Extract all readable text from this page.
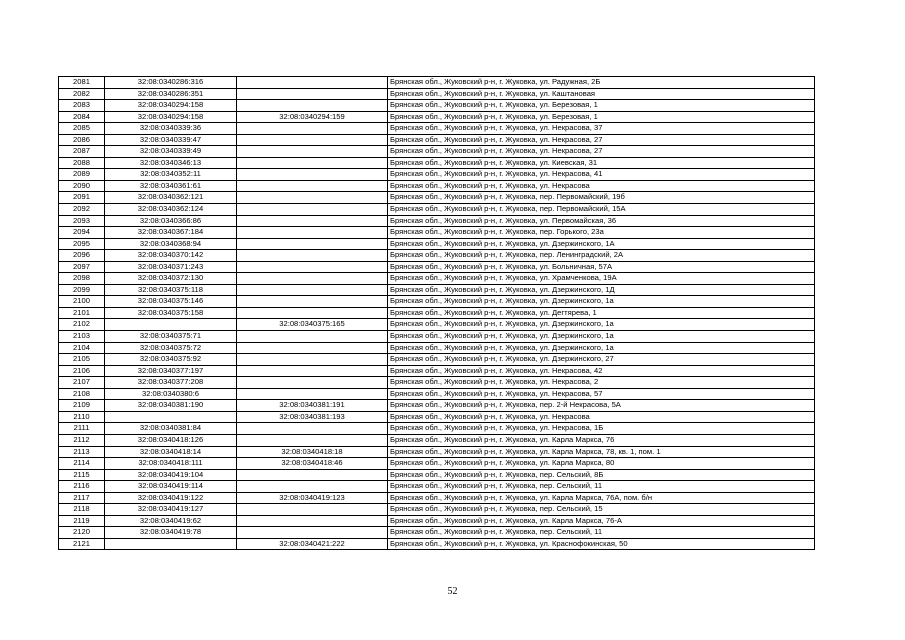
2081	32:08:0340286:316		Брянская обл., Жуковский р-н, г. Жуковка, ул. Радужная, 2Б
2082	32:08:0340286:351		Брянская обл., Жуковский р-н, г. Жуковка, ул. Каштановая
2083	32:08:0340294:158		Брянская обл., Жуковский р-н, г. Жуковка, ул. Березовая, 1
2084	32:08:0340294:158	32:08:0340294:159	Брянская обл., Жуковский р-н, г. Жуковка, ул. Березовая, 1
2085	32:08:0340339:36		Брянская обл., Жуковский р-н, г. Жуковка, ул. Некрасова, 37
2086	32:08:0340339:47		Брянская обл., Жуковский р-н, г. Жуковка, ул. Некрасова, 27
2087	32:08:0340339:49		Брянская обл., Жуковский р-н, г. Жуковка, ул. Некрасова, 27
2088	32:08:0340346:13		Брянская обл., Жуковский р-н, г. Жуковка, ул. Киевская, 31
2089	32:08:0340352:11		Брянская обл., Жуковский р-н, г. Жуковка, ул. Некрасова, 41
2090	32:08:0340361:61		Брянская обл., Жуковский р-н, г. Жуковка, ул. Некрасова
2091	32:08:0340362:121		Брянская обл., Жуковский р-н, г. Жуковка, пер. Первомайский, 19б
2092	32:08:0340362:124		Брянская обл., Жуковский р-н, г. Жуковка, пер. Первомайский, 15А
2093	32:08:0340366:86		Брянская обл., Жуковский р-н, г. Жуковка, ул. Первомайская, 36
2094	32:08:0340367:184		Брянская обл., Жуковский р-н, г. Жуковка, пер. Горького, 23а
2095	32:08:0340368:94		Брянская обл., Жуковский р-н, г. Жуковка, ул. Дзержинского, 1А
2096	32:08:0340370:142		Брянская обл., Жуковский р-н, г. Жуковка, пер. Ленинградский, 2А
2097	32:08:0340371:243		Брянская обл., Жуковский р-н, г. Жуковка, ул. Больничная, 57А
2098	32:08:0340372:130		Брянская обл., Жуковский р-н, г. Жуковка, ул. Храмченкова, 19А
2099	32:08:0340375:118		Брянская обл., Жуковский р-н, г. Жуковка, ул. Дзержинского, 1Д
2100	32:08:0340375:146		Брянская обл., Жуковский р-н, г. Жуковка, ул. Дзержинского, 1а
2101	32:08:0340375:158		Брянская обл., Жуковский р-н, г. Жуковка, ул. Дегтярева, 1
2102		32:08:0340375:165	Брянская обл., Жуковский р-н, г. Жуковка, ул. Дзержинского, 1а
2103	32:08:0340375:71		Брянская обл., Жуковский р-н, г. Жуковка, ул. Дзержинского, 1а
2104	32:08:0340375:72		Брянская обл., Жуковский р-н, г. Жуковка, ул. Дзержинского, 1а
2105	32:08:0340375:92		Брянская обл., Жуковский р-н, г. Жуковка, ул. Дзержинского, 27
2106	32:08:0340377:197		Брянская обл., Жуковский р-н, г. Жуковка, ул. Некрасова, 42
2107	32:08:0340377:208		Брянская обл., Жуковский р-н, г. Жуковка, ул. Некрасова, 2
2108	32:08:0340380:6		Брянская обл., Жуковский р-н, г. Жуковка, ул. Некрасова, 57
2109	32:08:0340381:190	32:08:0340381:191	Брянская обл., Жуковский р-н, г. Жуковка, пер. 2-й Некрасова, 5А
2110		32:08:0340381:193	Брянская обл., Жуковский р-н, г. Жуковка, ул. Некрасова
2111	32:08:0340381:84		Брянская обл., Жуковский р-н, г. Жуковка, ул. Некрасова, 1Б
2112	32:08:0340418:126		Брянская обл., Жуковский р-н, г. Жуковка, ул. Карла Маркса, 76
2113	32:08:0340418:14	32:08:0340418:18	Брянская обл., Жуковский р-н, г. Жуковка, ул. Карла Маркса, 78, кв. 1, пом. 1
2114	32:08:0340418:111	32:08:0340418:46	Брянская обл., Жуковский р-н, г. Жуковка, ул. Карла Маркса, 80
2115	32:08:0340419:104		Брянская обл., Жуковский р-н, г. Жуковка, пер. Сельский, 8Б
2116	32:08:0340419:114		Брянская обл., Жуковский р-н, г. Жуковка, пер. Сельский, 11
2117	32:08:0340419:122	32:08:0340419:123	Брянская обл., Жуковский р-н, г. Жуковка, ул. Карла Маркса, 76А, пом. б/н
2118	32:08:0340419:127		Брянская обл., Жуковский р-н, г. Жуковка, пер. Сельский, 15
2119	32:08:0340419:62		Брянская обл., Жуковский р-н, г. Жуковка, ул. Карла Маркса, 76-А
2120	32:08:0340419:78		Брянская обл., Жуковский р-н, г. Жуковка, пер. Сельский, 11
2121		32:08:0340421:222	Брянская обл., Жуковский р-н, г. Жуковка, ул. Краснофокинская, 50
52
